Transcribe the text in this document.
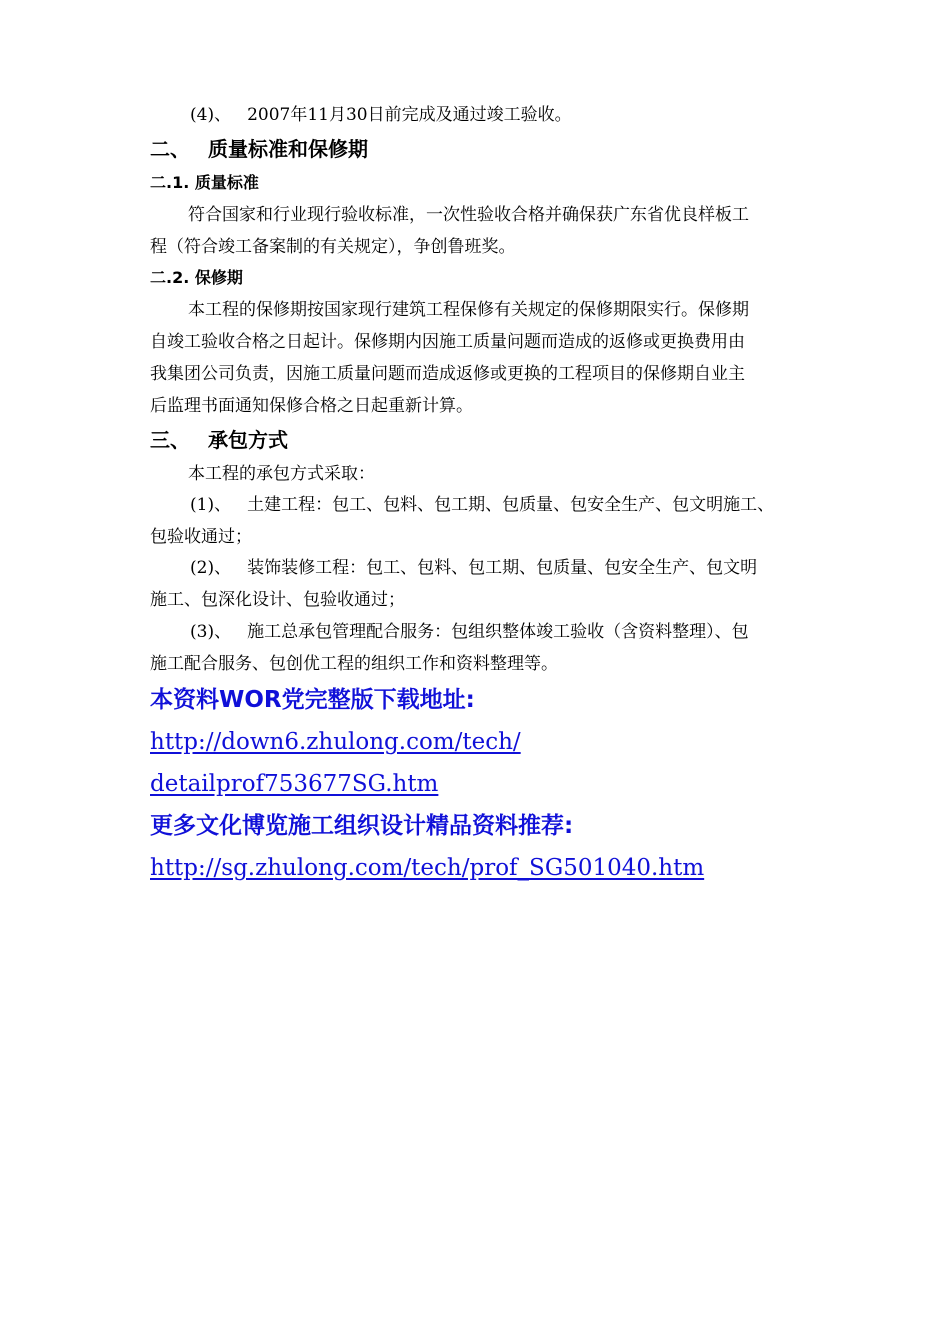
(4)、 2007年11月30日前完成及通过竣工验收。
二、 质量标准和保修期
二.1. 质量标准
符合国家和行业现行验收标准，一次性验收合格并确保获广东省优良样板工
程（符合竣工备案制的有关规定），争创鲁班奖。
二.2. 保修期
本工程的保修期按国家现行建筑工程保修有关规定的保修期限实行。保修期
自竣工验收合格之日起计。保修期内因施工质量问题而造成的返修或更换费用由
我集团公司负责，因施工质量问题而造成返修或更换的工程项目的保修期自业主
后监理书面通知保修合格之日起重新计算。
三、 承包方式
本工程的承包方式采取：
(1)、 土建工程：包工、包料、包工期、包质量、包安全生产、包文明施工、
包验收通过；
(2)、 装饰装修工程：包工、包料、包工期、包质量、包安全生产、包文明
施工、包深化设计、包验收通过；
(3)、 施工总承包管理配合服务：包组织整体竣工验收（含资料整理）、包
施工配合服务、包创优工程的组织工作和资料整理等。
本资料WOR党完整版下载地址:
http://down6.zhulong.com/tech/
detailprof753677SG.htm
更多文化博览施工组织设计精品资料推荐:
http://sg.zhulong.com/tech/prof_SG501040.htm
